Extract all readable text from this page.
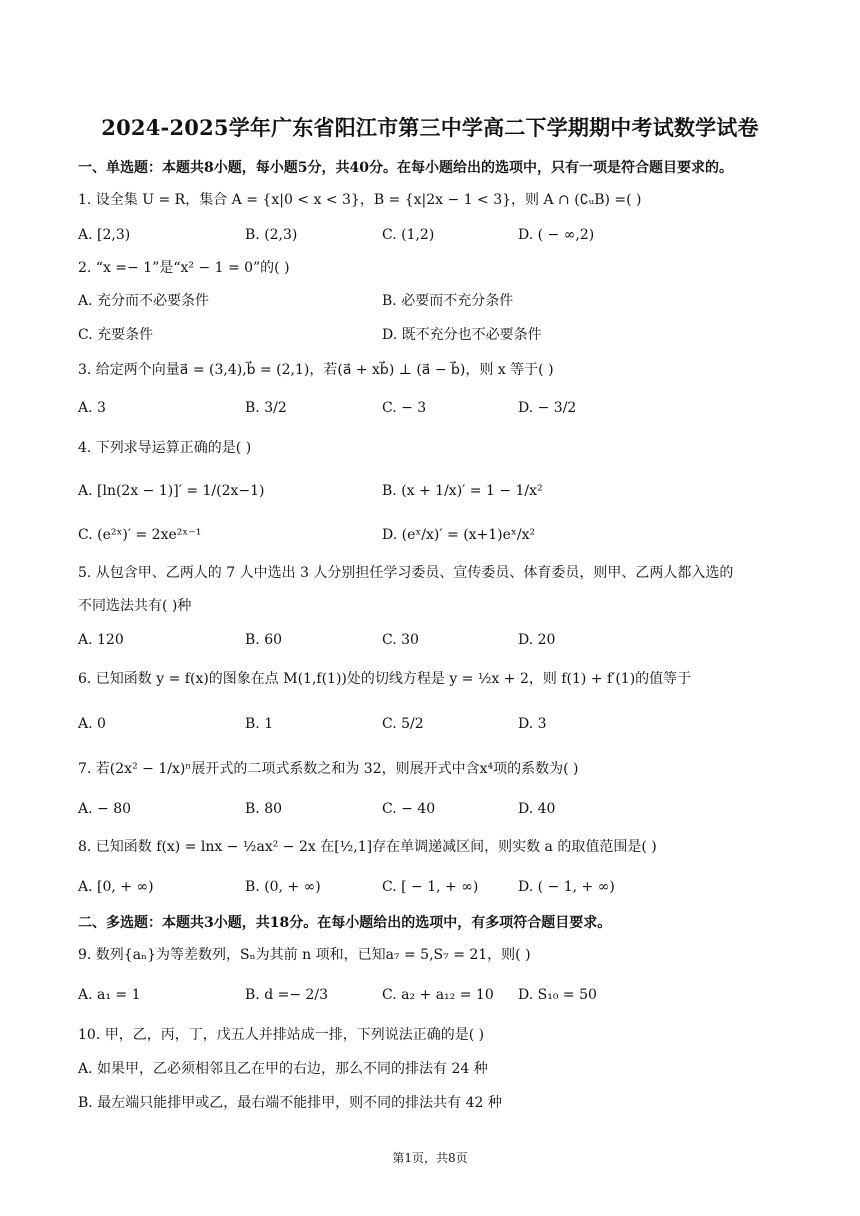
2024-2025学年广东省阳江市第三中学高二下学期期中考试数学试卷
一、单选题：本题共8小题，每小题5分，共40分。在每小题给出的选项中，只有一项是符合题目要求的。
1. 设全集 U = R，集合 A = {x|0 < x < 3}，B = {x|2x − 1 < 3}，则 A ∩ (∁ᵤB) =( )
A. [2,3)	B. (2,3)	C. (1,2)	D. ( − ∞,2)
2. “x =− 1”是“x² − 1 = 0”的( )
A. 充分而不必要条件	B. 必要而不充分条件
C. 充要条件	D. 既不充分也不必要条件
3. 给定两个向量a⃗ = (3,4),b⃗ = (2,1)，若(a⃗ + xb⃗) ⊥ (a⃗ − b⃗)，则 x 等于( )
A. 3	B. 3/2	C. − 3	D. − 3/2
4. 下列求导运算正确的是( )
A. [ln(2x − 1)]′ = 1/(2x−1)	B. (x + 1/x)′ = 1 − 1/x²
C. (e²ˣ)′ = 2xe²ˣ⁻¹	D. (eˣ/x)′ = (x+1)eˣ/x²
5. 从包含甲、乙两人的 7 人中选出 3 人分别担任学习委员、宣传委员、体育委员，则甲、乙两人都入选的
不同选法共有( )种
A. 120	B. 60	C. 30	D. 20
6. 已知函数 y = f(x)的图象在点 M(1,f(1))处的切线方程是 y = ½x + 2，则 f(1) + f′(1)的值等于
A. 0	B. 1	C. 5/2	D. 3
7. 若(2x² − 1/x)ⁿ展开式的二项式系数之和为 32，则展开式中含x⁴项的系数为( )
A. − 80	B. 80	C. − 40	D. 40
8. 已知函数 f(x) = lnx − ½ax² − 2x 在[½,1]存在单调递减区间，则实数 a 的取值范围是( )
A. [0, + ∞)	B. (0, + ∞)	C. [ − 1, + ∞)	D. ( − 1, + ∞)
二、多选题：本题共3小题，共18分。在每小题给出的选项中，有多项符合题目要求。
9. 数列{aₙ}为等差数列，Sₙ为其前 n 项和，已知a₇ = 5,S₇ = 21，则( )
A. a₁ = 1	B. d =− 2/3	C. a₂ + a₁₂ = 10 D. S₁₀ = 50
10. 甲，乙，丙，丁，戊五人并排站成一排，下列说法正确的是( )
A. 如果甲，乙必须相邻且乙在甲的右边，那么不同的排法有 24 种
B. 最左端只能排甲或乙，最右端不能排甲，则不同的排法共有 42 种
第1页，共8页
